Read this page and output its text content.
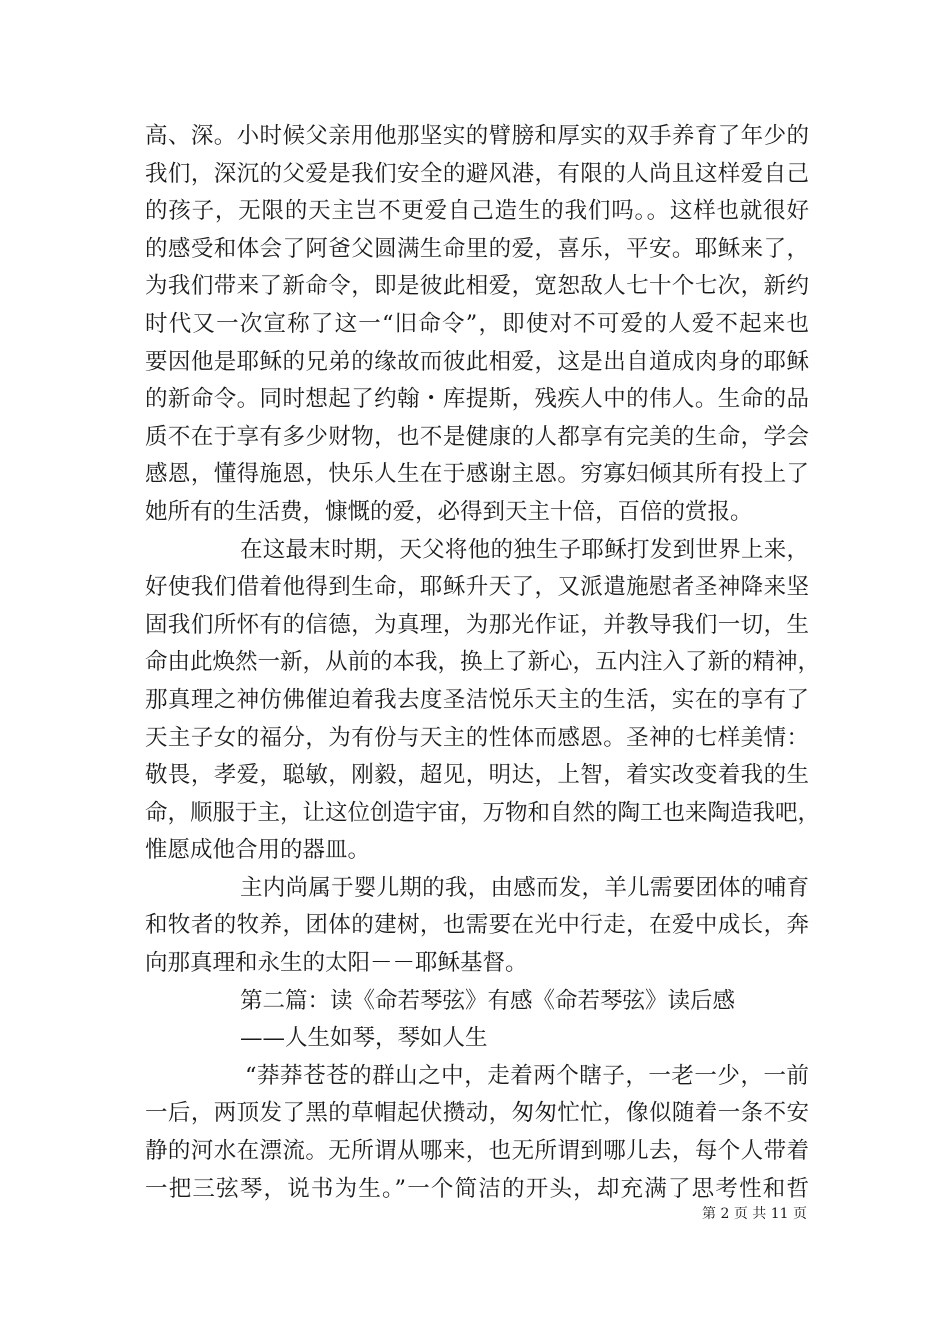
高、深。小时候父亲用他那坚实的臂膀和厚实的双手养育了年少的
我们，深沉的父爱是我们安全的避风港，有限的人尚且这样爱自己
的孩子，无限的天主岂不更爱自己造生的我们吗。。这样也就很好
的感受和体会了阿爸父圆满生命里的爱，喜乐，平安。耶稣来了，
为我们带来了新命令，即是彼此相爱，宽恕敌人七十个七次，新约
时代又一次宣称了这一“旧命令”，即使对不可爱的人爱不起来也
要因他是耶稣的兄弟的缘故而彼此相爱，这是出自道成肉身的耶稣
的新命令。同时想起了约翰・库提斯，残疾人中的伟人。生命的品
质不在于享有多少财物，也不是健康的人都享有完美的生命，学会
感恩，懂得施恩，快乐人生在于感谢主恩。穷寡妇倾其所有投上了
她所有的生活费，慷慨的爱，必得到天主十倍，百倍的赏报。
在这最末时期，天父将他的独生子耶稣打发到世界上来，
好使我们借着他得到生命，耶稣升天了，又派遣施慰者圣神降来坚
固我们所怀有的信德，为真理，为那光作证，并教导我们一切，生
命由此焕然一新，从前的本我，换上了新心，五内注入了新的精神，
那真理之神仿佛催迫着我去度圣洁悦乐天主的生活，实在的享有了
天主子女的福分，为有份与天主的性体而感恩。圣神的七样美情：
敬畏，孝爱，聪敏，刚毅，超见，明达，上智，着实改变着我的生
命，顺服于主，让这位创造宇宙，万物和自然的陶工也来陶造我吧，
惟愿成他合用的器皿。
主内尚属于婴儿期的我，由感而发，羊儿需要团体的哺育
和牧者的牧养，团体的建树，也需要在光中行走，在爱中成长，奔
向那真理和永生的太阳－－耶稣基督。
第二篇：读《命若琴弦》有感《命若琴弦》读后感
——人生如琴，琴如人生
“莽莽苍苍的群山之中，走着两个瞎子，一老一少，一前
一后，两顶发了黑的草帽起伏攒动，匆匆忙忙，像似随着一条不安
静的河水在漂流。无所谓从哪来，也无所谓到哪儿去，每个人带着
一把三弦琴，说书为生。”一个简洁的开头，却充满了思考性和哲
第 2 页 共 11 页
